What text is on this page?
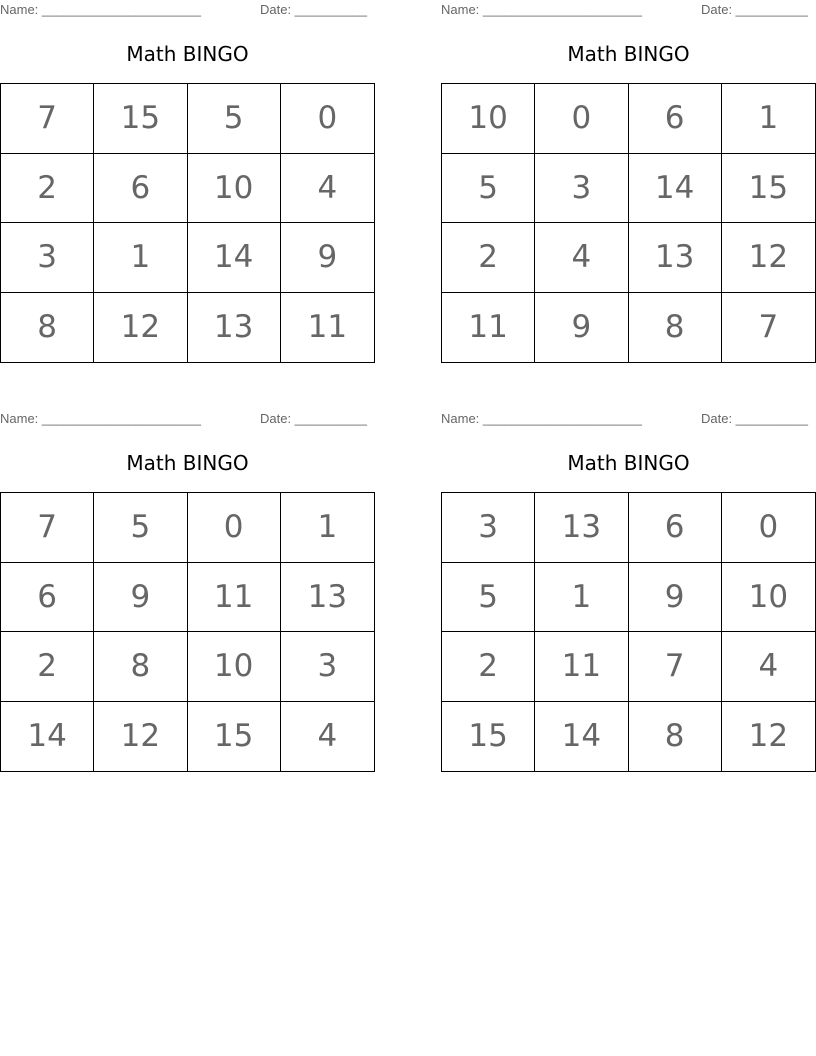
Name: ______________________	Date: __________
Math BINGO
7	15	5	0
2	6	10	4
3	1	14	9
8	12	13	11
Name: ______________________	Date: __________
Math BINGO
10	0	6	1
5	3	14	15
2	4	13	12
11	9	8	7
Name: ______________________	Date: __________
Math BINGO
7	5	0	1
6	9	11	13
2	8	10	3
14	12	15	4
Name: ______________________	Date: __________
Math BINGO
3	13	6	0
5	1	9	10
2	11	7	4
15	14	8	12
